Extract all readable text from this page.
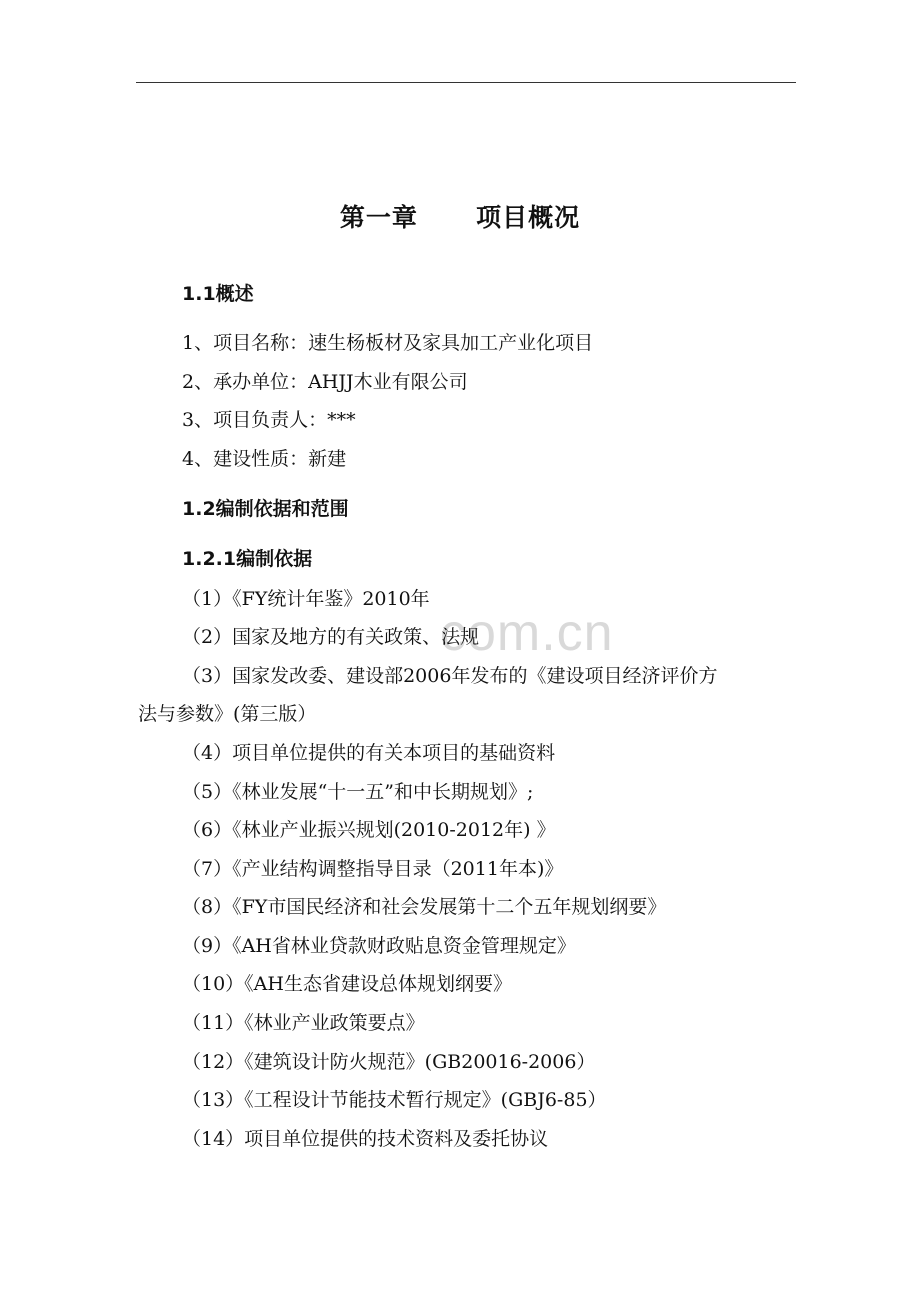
com.cn
第一章      项目概况
1.1概述
1、项目名称：速生杨板材及家具加工产业化项目
2、承办单位：AHJJ木业有限公司
3、项目负责人：***
4、建设性质：新建
1.2编制依据和范围
1.2.1编制依据
（1）《FY统计年鉴》2010年
（2）国家及地方的有关政策、法规
（3）国家发改委、建设部2006年发布的《建设项目经济评价方
法与参数》(第三版）
（4）项目单位提供的有关本项目的基础资料
（5）《林业发展“十一五”和中长期规划》;
（6）《林业产业振兴规划(2010-2012年) 》
（7）《产业结构调整指导目录（2011年本)》
（8）《FY市国民经济和社会发展第十二个五年规划纲要》
（9）《AH省林业贷款财政贴息资金管理规定》
（10）《AH生态省建设总体规划纲要》
（11）《林业产业政策要点》
（12）《建筑设计防火规范》(GB20016-2006）
（13）《工程设计节能技术暂行规定》(GBJ6-85）
（14）项目单位提供的技术资料及委托协议
